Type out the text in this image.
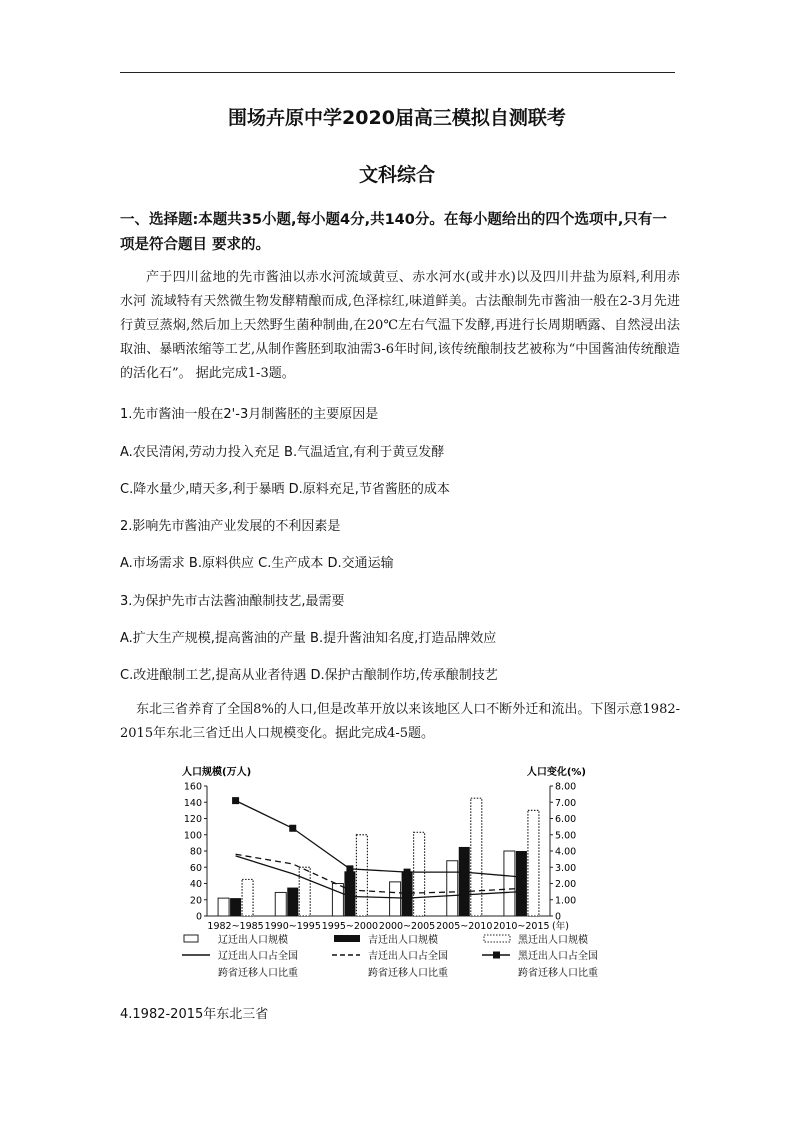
围场卉原中学2020届高三模拟自测联考
文科综合
一、选择题:本题共35小题,每小题4分,共140分。在每小题给出的四个选项中,只有一项是符合题目 要求的。
产于四川盆地的先市酱油以赤水河流域黄豆、赤水河水(或井水)以及四川井盐为原料,利用赤水河 流域特有天然微生物发酵精酿而成,色泽棕红,味道鲜美。古法酿制先市酱油一般在2-3月先进行黄豆蒸焖,然后加上天然野生菌种制曲,在20℃左右气温下发酵,再进行长周期晒露、自然浸出法取油、暴晒浓缩等工艺,从制作酱胚到取油需3-6年时间,该传统酿制技艺被称为“中国酱油传统酿造的活化石”。 据此完成1-3题。
1.先市酱油一般在2'-3月制酱胚的主要原因是
A.农民清闲,劳动力投入充足 B.气温适宜,有利于黄豆发酵
C.降水量少,晴天多,利于暴晒 D.原料充足,节省酱胚的成本
2.影响先市酱油产业发展的不利因素是
A.市场需求 B.原料供应 C.生产成本 D.交通运输
3.为保护先市古法酱油酿制技艺,最需要
A.扩大生产规模,提高酱油的产量 B.提升酱油知名度,打造品牌效应
C.改进酿制工艺,提高从业者待遇 D.保护古酿制作坊,传承酿制技艺
东北三省养育了全国8%的人口,但是改革开放以来该地区人口不断外迁和流出。下图示意1982- 2015年东北三省迁出人口规模变化。据此完成4-5题。
人口规模(万人)	人口变化(%)
0
20
40
60
80
100
120
140
160
0
1.00
2.00
3.00
4.00
5.00
6.00
7.00
8.00
1982~1985 1990~1995 1995~2000 2000~2005 2005~2010 2010~2015 (年)
辽迁出人口规模	吉迁出人口规模	黑迁出人口规模
辽迁出人口占全国	吉迁出人口占全国	黑迁出人口占全国
跨省迁移人口比重	跨省迁移人口比重	跨省迁移人口比重
4.1982-2015年东北三省
